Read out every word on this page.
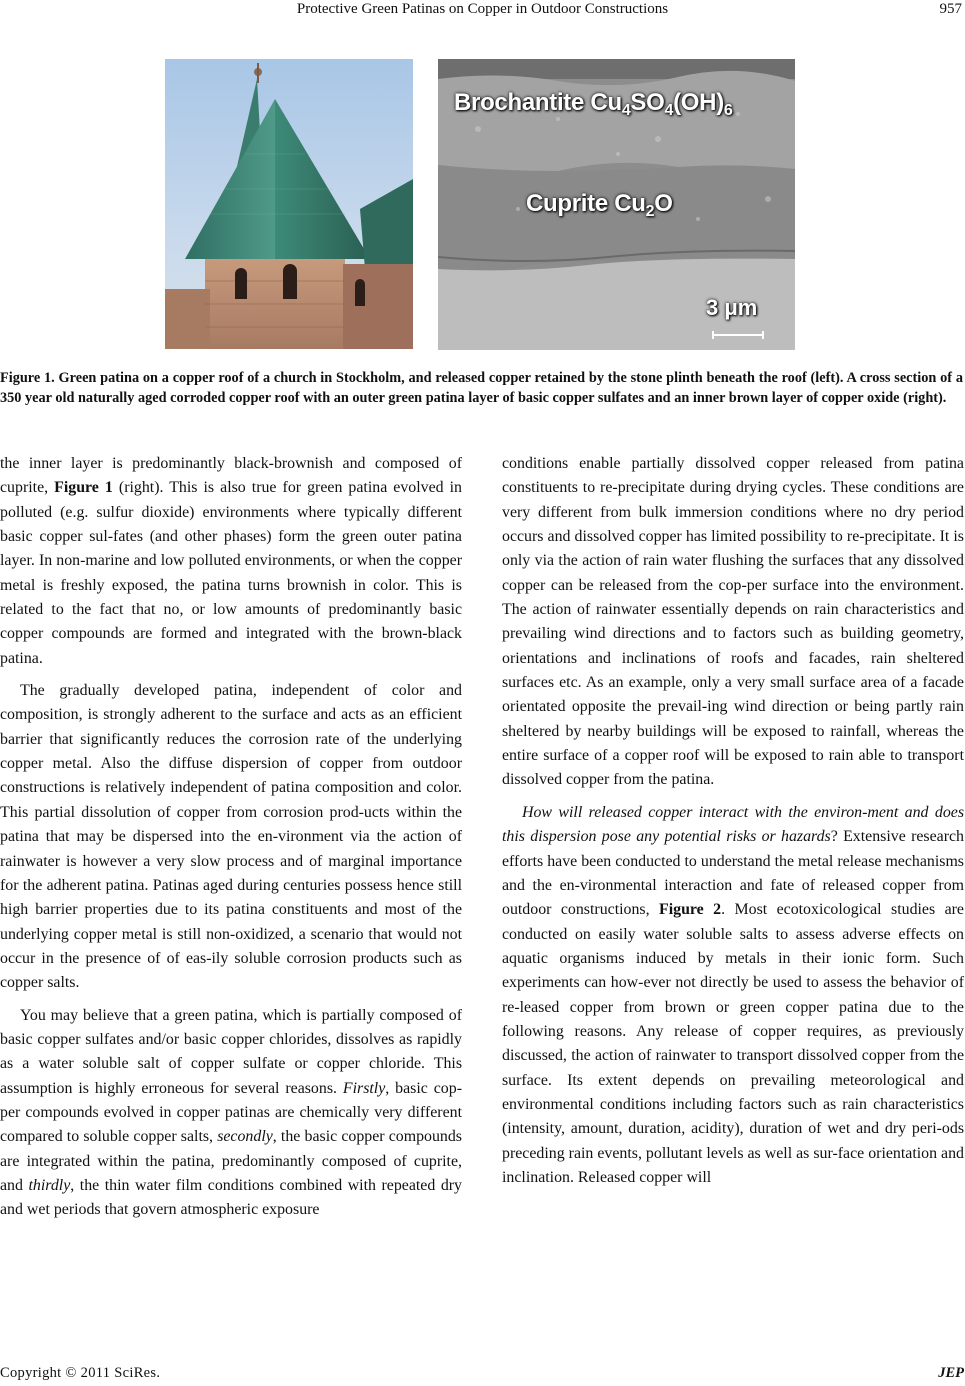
Protective Green Patinas on Copper in Outdoor Constructions	957
Brochantite $Cu_4SO_4(OH)_6$
Cuprite $Cu_2O$
3 μm
Figure 1. Green patina on a copper roof of a church in Stockholm, and released copper retained by the stone plinth beneath the roof (left). A cross section of a 350 year old naturally aged corroded copper roof with an outer green patina layer of basic copper sulfates and an inner brown layer of copper oxide (right).

the inner layer is predominantly black-brownish and composed of cuprite, Figure 1 (right). This is also true for green patina evolved in polluted (e.g. sulfur dioxide) environments where typically different basic copper sul-fates (and other phases) form the green outer patina layer. In non-marine and low polluted environments, or when the copper metal is freshly exposed, the patina turns brownish in color. This is related to the fact that no, or low amounts of predominantly basic copper compounds are formed and integrated with the brown-black patina.

The gradually developed patina, independent of color and composition, is strongly adherent to the surface and acts as an efficient barrier that significantly reduces the corrosion rate of the underlying copper metal. Also the diffuse dispersion of copper from outdoor constructions is relatively independent of patina composition and color. This partial dissolution of copper from corrosion prod-ucts within the patina that may be dispersed into the en-vironment via the action of rainwater is however a very slow process and of marginal importance for the adherent patina. Patinas aged during centuries possess hence still high barrier properties due to its patina constituents and most of the underlying copper metal is still non-oxidized, a scenario that would not occur in the presence of of eas-ily soluble corrosion products such as copper salts.

You may believe that a green patina, which is partially composed of basic copper sulfates and/or basic copper chlorides, dissolves as rapidly as a water soluble salt of copper sulfate or copper chloride. This assumption is highly erroneous for several reasons. Firstly, basic cop-per compounds evolved in copper patinas are chemically very different compared to soluble copper salts, secondly, the basic copper compounds are integrated within the patina, predominantly composed of cuprite, and thirdly, the thin water film conditions combined with repeated dry and wet periods that govern atmospheric exposure

conditions enable partially dissolved copper released from patina constituents to re-precipitate during drying cycles. These conditions are very different from bulk immersion conditions where no dry period occurs and dissolved copper has limited possibility to re-precipitate. It is only via the action of rain water flushing the surfaces that any dissolved copper can be released from the cop-per surface into the environment. The action of rainwater essentially depends on rain characteristics and prevailing wind directions and to factors such as building geometry, orientations and inclinations of roofs and facades, rain sheltered surfaces etc. As an example, only a very small surface area of a facade orientated opposite the prevail-ing wind direction or being partly rain sheltered by nearby buildings will be exposed to rainfall, whereas the entire surface of a copper roof will be exposed to rain able to transport dissolved copper from the patina.

How will released copper interact with the environ-ment and does this dispersion pose any potential risks or hazards? Extensive research efforts have been conducted to understand the metal release mechanisms and the en-vironmental interaction and fate of released copper from outdoor constructions, Figure 2. Most ecotoxicological studies are conducted on easily water soluble salts to assess adverse effects on aquatic organisms induced by metals in their ionic form. Such experiments can how-ever not directly be used to assess the behavior of re-leased copper from brown or green copper patina due to the following reasons. Any release of copper requires, as previously discussed, the action of rainwater to transport dissolved copper from the surface. Its extent depends on prevailing meteorological and environmental conditions including factors such as rain characteristics (intensity, amount, duration, acidity), duration of wet and dry peri-ods preceding rain events, pollutant levels as well as sur-face orientation and inclination. Released copper will

Copyright © 2011 SciRes.	JEP
